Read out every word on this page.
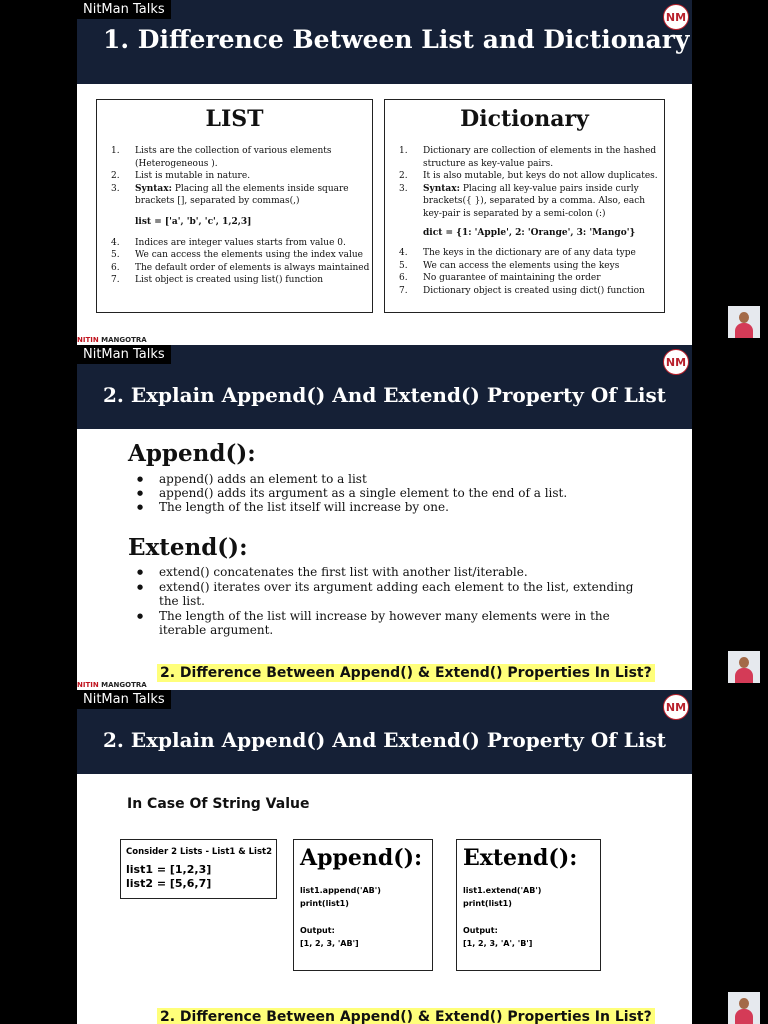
NitMan Talks	NM
1. Difference Between List and Dictionary
LIST
1. Lists are the collection of various elements (Heterogeneous ).
2. List is mutable in nature.
3. Syntax: Placing all the elements inside square brackets [], separated by commas(,)
list = ['a', 'b', 'c', 1,2,3]
4. Indices are integer values starts from value 0.
5. We can access the elements using the index value
6. The default order of elements is always maintained
7. List object is created using list() function
Dictionary
1. Dictionary are collection of elements in the hashed structure as key-value pairs.
2. It is also mutable, but keys do not allow duplicates.
3. Syntax: Placing all key-value pairs inside curly brackets({ }), separated by a comma. Also, each key-pair is separated by a semi-colon (:)
dict = {1: 'Apple', 2: 'Orange', 3: 'Mango'}
4. The keys in the dictionary are of any data type
5. We can access the elements using the keys
6. No guarantee of maintaining the order
7. Dictionary object is created using dict() function
NITIN MANGOTRA
NitMan Talks	NM
2. Explain Append() And Extend() Property Of List
Append():
● append() adds an element to a list
● append() adds its argument as a single element to the end of a list.
● The length of the list itself will increase by one.
Extend():
● extend() concatenates the first list with another list/iterable.
● extend() iterates over its argument adding each element to the list, extending the list.
● The length of the list will increase by however many elements were in the iterable argument.
2. Difference Between Append() & Extend() Properties In List?
NITIN MANGOTRA
NitMan Talks	NM
2. Explain Append() And Extend() Property Of List
In Case Of String Value
Consider 2 Lists - List1 & List2
list1 = [1,2,3]
list2 = [5,6,7]
Append():
list1.append('AB')
print(list1)
Output:
[1, 2, 3, 'AB']
Extend():
list1.extend('AB')
print(list1)
Output:
[1, 2, 3, 'A', 'B']
2. Difference Between Append() & Extend() Properties In List?
